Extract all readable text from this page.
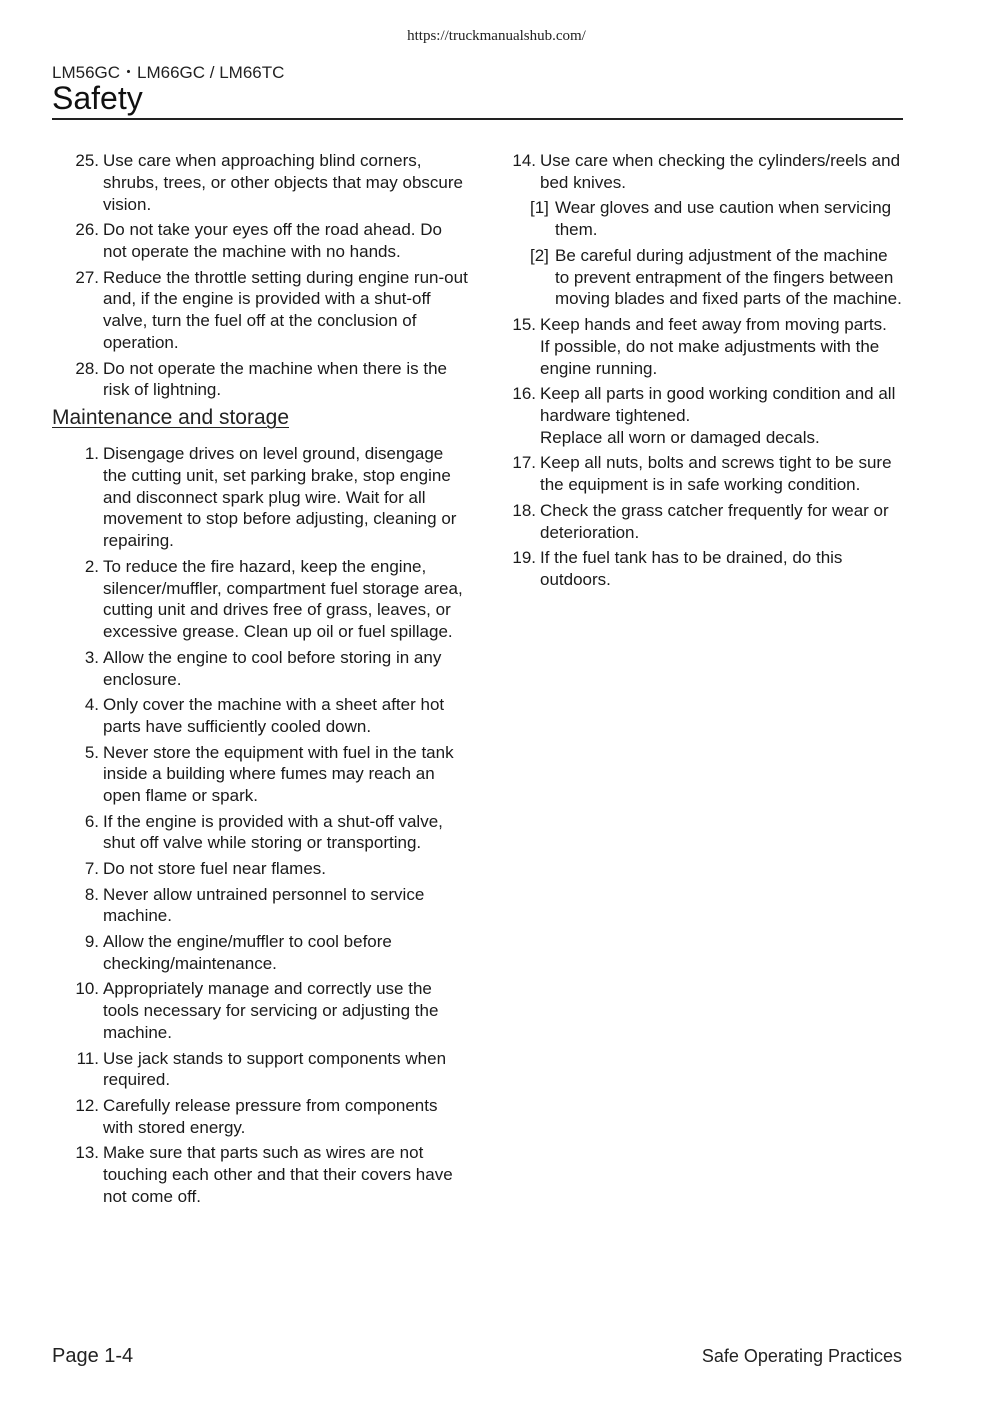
https://truckmanualshub.com/
LM56GC・LM66GC / LM66TC
Safety
25. Use care when approaching blind corners, shrubs, trees, or other objects that may obscure vision.
26. Do not take your eyes off the road ahead. Do not operate the machine with no hands.
27. Reduce the throttle setting during engine run-out and, if the engine is provided with a shut-off valve, turn the fuel off at the conclusion of operation.
28. Do not operate the machine when there is the risk of lightning.
Maintenance and storage
1. Disengage drives on level ground, disengage the cutting unit, set parking brake, stop engine and disconnect spark plug wire. Wait for all movement to stop before adjusting, cleaning or repairing.
2. To reduce the fire hazard, keep the engine, silencer/muffler, compartment fuel storage area, cutting unit and drives free of grass, leaves, or excessive grease. Clean up oil or fuel spillage.
3. Allow the engine to cool before storing in any enclosure.
4. Only cover the machine with a sheet after hot parts have sufficiently cooled down.
5. Never store the equipment with fuel in the tank inside a building where fumes may reach an open flame or spark.
6. If the engine is provided with a shut-off valve, shut off valve while storing or transporting.
7. Do not store fuel near flames.
8. Never allow untrained personnel to service machine.
9. Allow the engine/muffler to cool before checking/maintenance.
10. Appropriately manage and correctly use the tools necessary for servicing or adjusting the machine.
11. Use jack stands to support components when required.
12. Carefully release pressure from components with stored energy.
13. Make sure that parts such as wires are not touching each other and that their covers have not come off.
14. Use care when checking the cylinders/reels and bed knives.
[1] Wear gloves and use caution when servicing them.
[2] Be careful during adjustment of the machine to prevent entrapment of the fingers between moving blades and fixed parts of the machine.
15. Keep hands and feet away from moving parts.
If possible, do not make adjustments with the engine running.
16. Keep all parts in good working condition and all hardware tightened.
Replace all worn or damaged decals.
17. Keep all nuts, bolts and screws tight to be sure the equipment is in safe working condition.
18. Check the grass catcher frequently for wear or deterioration.
19. If the fuel tank has to be drained, do this outdoors.
Page 1-4	Safe Operating Practices
